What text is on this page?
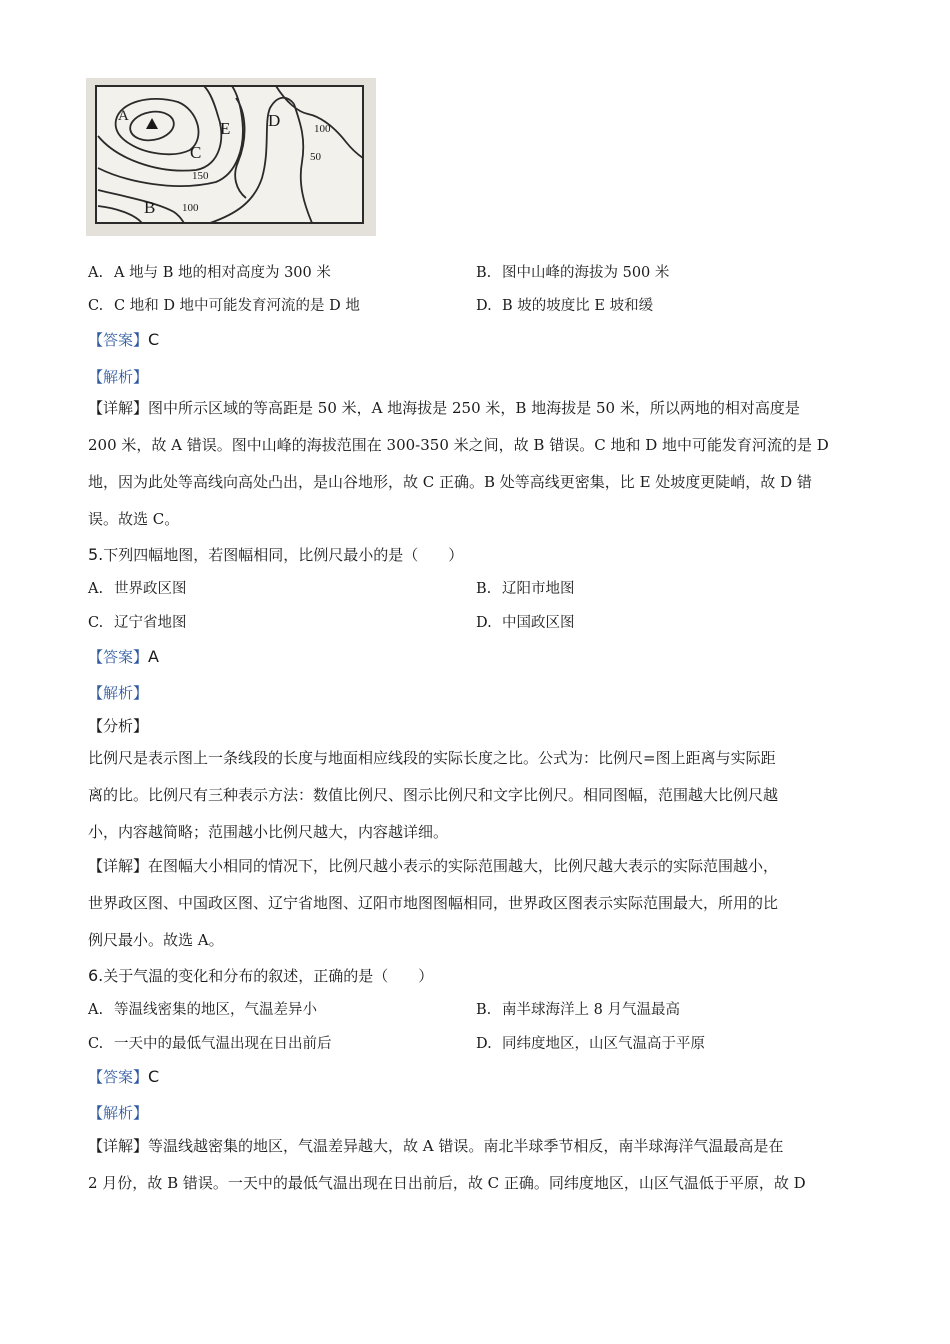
A
B
C
D
E
150
100
100
50
A. A 地与 B 地的相对高度为 300 米	B. 图中山峰的海拔为 500 米
C. C 地和 D 地中可能发育河流的是 D 地	D. B 坡的坡度比 E 坡和缓
【答案】C
【解析】
【详解】图中所示区域的等高距是 50 米，A 地海拔是 250 米，B 地海拔是 50 米，所以两地的相对高度是
200 米，故 A 错误。图中山峰的海拔范围在 300-350 米之间，故 B 错误。C 地和 D 地中可能发育河流的是 D
地，因为此处等高线向高处凸出，是山谷地形，故 C 正确。B 处等高线更密集，比 E 处坡度更陡峭，故 D 错
误。故选 C。
5.下列四幅地图，若图幅相同，比例尺最小的是（　　）
A. 世界政区图	B. 辽阳市地图
C. 辽宁省地图	D. 中国政区图
【答案】A
【解析】
【分析】
比例尺是表示图上一条线段的长度与地面相应线段的实际长度之比。公式为：比例尺=图上距离与实际距
离的比。比例尺有三种表示方法：数值比例尺、图示比例尺和文字比例尺。相同图幅，范围越大比例尺越
小，内容越简略；范围越小比例尺越大，内容越详细。
【详解】在图幅大小相同的情况下，比例尺越小表示的实际范围越大，比例尺越大表示的实际范围越小，
世界政区图、中国政区图、辽宁省地图、辽阳市地图图幅相同，世界政区图表示实际范围最大，所用的比
例尺最小。故选 A。
6.关于气温的变化和分布的叙述，正确的是（　　）
A. 等温线密集的地区，气温差异小	B. 南半球海洋上 8 月气温最高
C. 一天中的最低气温出现在日出前后	D. 同纬度地区，山区气温高于平原
【答案】C
【解析】
【详解】等温线越密集的地区，气温差异越大，故 A 错误。南北半球季节相反，南半球海洋气温最高是在
2 月份，故 B 错误。一天中的最低气温出现在日出前后，故 C 正确。同纬度地区，山区气温低于平原，故 D
